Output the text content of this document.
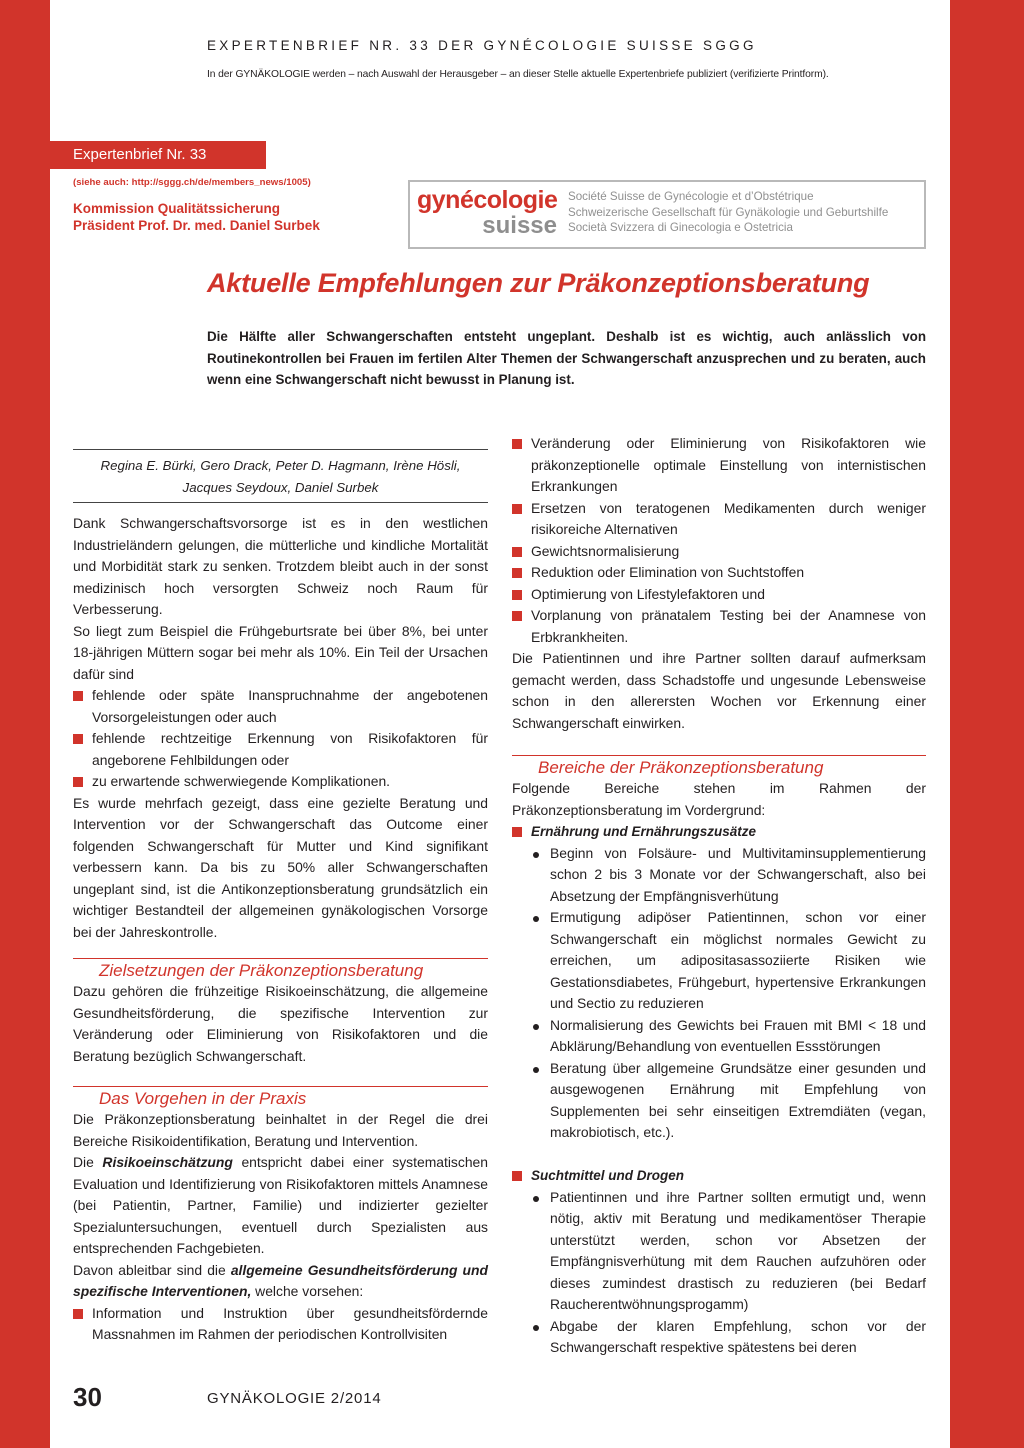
EXPERTENBRIEF NR. 33 DER GYNÉCOLOGIE SUISSE SGGG
In der GYNÄKOLOGIE werden – nach Auswahl der Herausgeber – an dieser Stelle aktuelle Expertenbriefe publiziert (verifizierte Printform).
Expertenbrief Nr. 33
(siehe auch: http://sggg.ch/de/members_news/1005)
Kommission Qualitätssicherung
Präsident Prof. Dr. med. Daniel Surbek
gynécologie
suisse
Société Suisse de Gynécologie et d’Obstétrique
Schweizerische Gesellschaft für Gynäkologie und Geburtshilfe
Società Svizzera di Ginecologia e Ostetricia
Aktuelle Empfehlungen zur Präkonzeptionsberatung

Die Hälfte aller Schwangerschaften entsteht ungeplant. Deshalb ist es wichtig, auch anlässlich von Routinekontrollen bei Frauen im fertilen Alter Themen der Schwangerschaft anzusprechen und zu beraten, auch wenn eine Schwangerschaft nicht bewusst in Planung ist.

Regina E. Bürki, Gero Drack, Peter D. Hagmann, Irène Hösli,
Jacques Seydoux, Daniel Surbek

Dank Schwangerschaftsvorsorge ist es in den westlichen Industrieländern gelungen, die mütterliche und kindliche Mortalität und Morbidität stark zu senken. Trotzdem bleibt auch in der sonst medizinisch hoch versorgten Schweiz noch Raum für Verbesserung.

So liegt zum Beispiel die Frühgeburtsrate bei über 8%, bei unter 18-jährigen Müttern sogar bei mehr als 10%. Ein Teil der Ursachen dafür sind

fehlende oder späte Inanspruchnahme der angebotenen Vorsorgeleistungen oder auch
fehlende rechtzeitige Erkennung von Risikofaktoren für angeborene Fehlbildungen oder
zu erwartende schwerwiegende Komplikationen.

Es wurde mehrfach gezeigt, dass eine gezielte Beratung und Intervention vor der Schwangerschaft das Outcome einer folgenden Schwangerschaft für Mutter und Kind signifikant verbessern kann. Da bis zu 50% aller Schwangerschaften ungeplant sind, ist die Antikonzeptionsberatung grundsätzlich ein wichtiger Bestandteil der allgemeinen gynäkologischen Vorsorge bei der Jahreskontrolle.

Zielsetzungen der Präkonzeptionsberatung

Dazu gehören die frühzeitige Risikoeinschätzung, die allgemeine Gesundheitsförderung, die spezifische Intervention zur Veränderung oder Eliminierung von Risikofaktoren und die Beratung bezüglich Schwangerschaft.

Das Vorgehen in der Praxis

Die Präkonzeptionsberatung beinhaltet in der Regel die drei Bereiche Risikoidentifikation, Beratung und Intervention.

Die Risikoeinschätzung entspricht dabei einer systematischen Evaluation und Identifizierung von Risikofaktoren mittels Anamnese (bei Patientin, Partner, Familie) und indizierter gezielter Spezialuntersuchungen, eventuell durch Spezialisten aus entsprechenden Fachgebieten.

Davon ableitbar sind die allgemeine Gesundheitsförderung und spezifische Interventionen, welche vorsehen:

Information und Instruktion über gesundheitsfördernde Massnahmen im Rahmen der periodischen Kontrollvisiten
Veränderung oder Eliminierung von Risikofaktoren wie präkonzeptionelle optimale Einstellung von internistischen Erkrankungen
Ersetzen von teratogenen Medikamenten durch weniger risikoreiche Alternativen
Gewichtsnormalisierung
Reduktion oder Elimination von Suchtstoffen
Optimierung von Lifestylefaktoren und
Vorplanung von pränatalem Testing bei der Anamnese von Erbkrankheiten.

Die Patientinnen und ihre Partner sollten darauf aufmerksam gemacht werden, dass Schadstoffe und ungesunde Lebensweise schon in den allerersten Wochen vor Erkennung einer Schwangerschaft einwirken.

Bereiche der Präkonzeptionsberatung

Folgende Bereiche stehen im Rahmen der Präkonzeptionsberatung im Vordergrund:

Ernährung und Ernährungszusätze
Beginn von Folsäure- und Multivitaminsupplementierung schon 2 bis 3 Monate vor der Schwangerschaft, also bei Absetzung der Empfängnisverhütung
Ermutigung adipöser Patientinnen, schon vor einer Schwangerschaft ein möglichst normales Gewicht zu erreichen, um adipositasassoziierte Risiken wie Gestationsdiabetes, Frühgeburt, hypertensive Erkrankungen und Sectio zu reduzieren
Normalisierung des Gewichts bei Frauen mit BMI < 18 und Abklärung/Behandlung von eventuellen Essstörungen
Beratung über allgemeine Grundsätze einer gesunden und ausgewogenen Ernährung mit Empfehlung von Supplementen bei sehr einseitigen Extremdiäten (vegan, makrobiotisch, etc.).
Suchtmittel und Drogen
Patientinnen und ihre Partner sollten ermutigt und, wenn nötig, aktiv mit Beratung und medikamentöser Therapie unterstützt werden, schon vor Absetzen der Empfängnisverhütung mit dem Rauchen aufzuhören oder dieses zumindest drastisch zu reduzieren (bei Bedarf Raucherentwöhnungsprogamm)
Abgabe der klaren Empfehlung, schon vor der Schwangerschaft respektive spätestens bei deren
30	GYNÄKOLOGIE 2/2014
